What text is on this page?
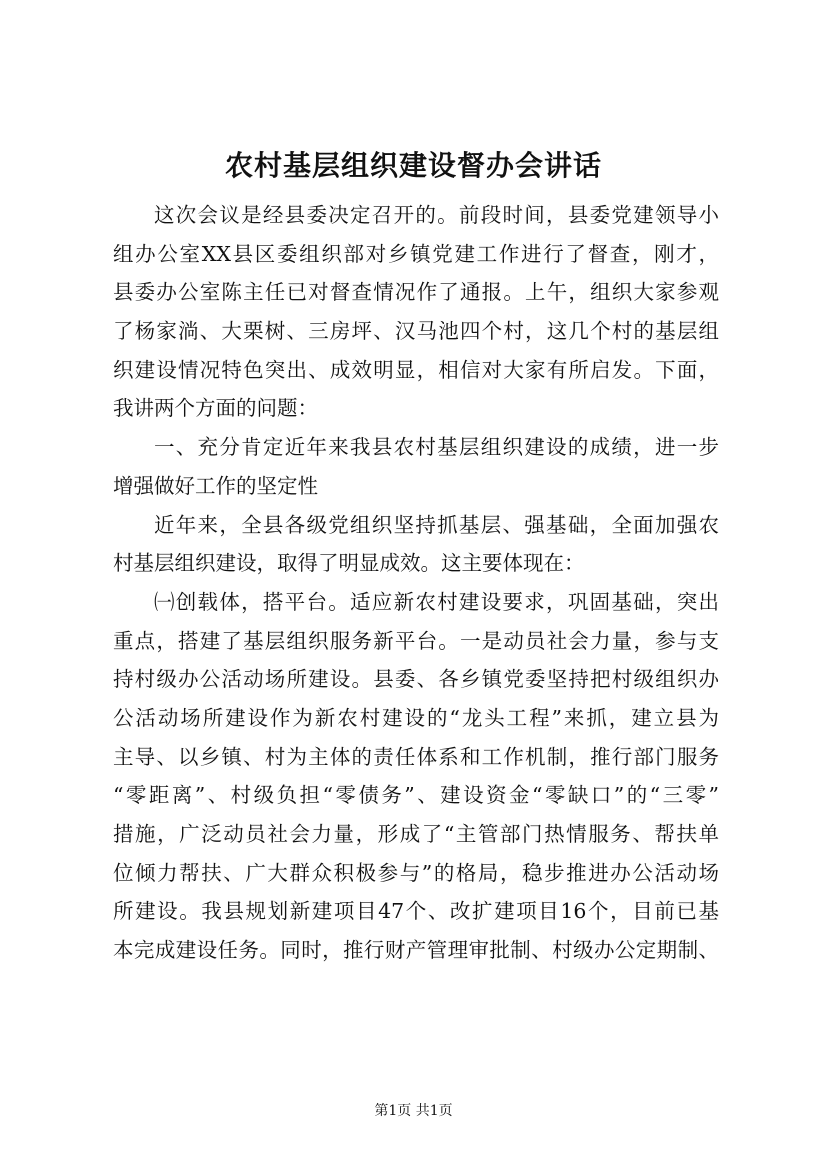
农村基层组织建设督办会讲话
这次会议是经县委决定召开的。前段时间，县委党建领导小
组办公室XX县区委组织部对乡镇党建工作进行了督查，刚才，
县委办公室陈主任已对督查情况作了通报。上午，组织大家参观
了杨家淌、大栗树、三房坪、汉马池四个村，这几个村的基层组
织建设情况特色突出、成效明显，相信对大家有所启发。下面，
我讲两个方面的问题：
一、充分肯定近年来我县农村基层组织建设的成绩，进一步
增强做好工作的坚定性
近年来，全县各级党组织坚持抓基层、强基础，全面加强农
村基层组织建设，取得了明显成效。这主要体现在：
㈠创载体，搭平台。适应新农村建设要求，巩固基础，突出
重点，搭建了基层组织服务新平台。一是动员社会力量，参与支
持村级办公活动场所建设。县委、各乡镇党委坚持把村级组织办
公活动场所建设作为新农村建设的“龙头工程”来抓，建立县为
主导、以乡镇、村为主体的责任体系和工作机制，推行部门服务
“零距离”、村级负担“零债务”、建设资金“零缺口”的“三零”
措施，广泛动员社会力量，形成了“主管部门热情服务、帮扶单
位倾力帮扶、广大群众积极参与”的格局，稳步推进办公活动场
所建设。我县规划新建项目47个、改扩建项目16个，目前已基
本完成建设任务。同时，推行财产管理审批制、村级办公定期制、
第1页 共1页
